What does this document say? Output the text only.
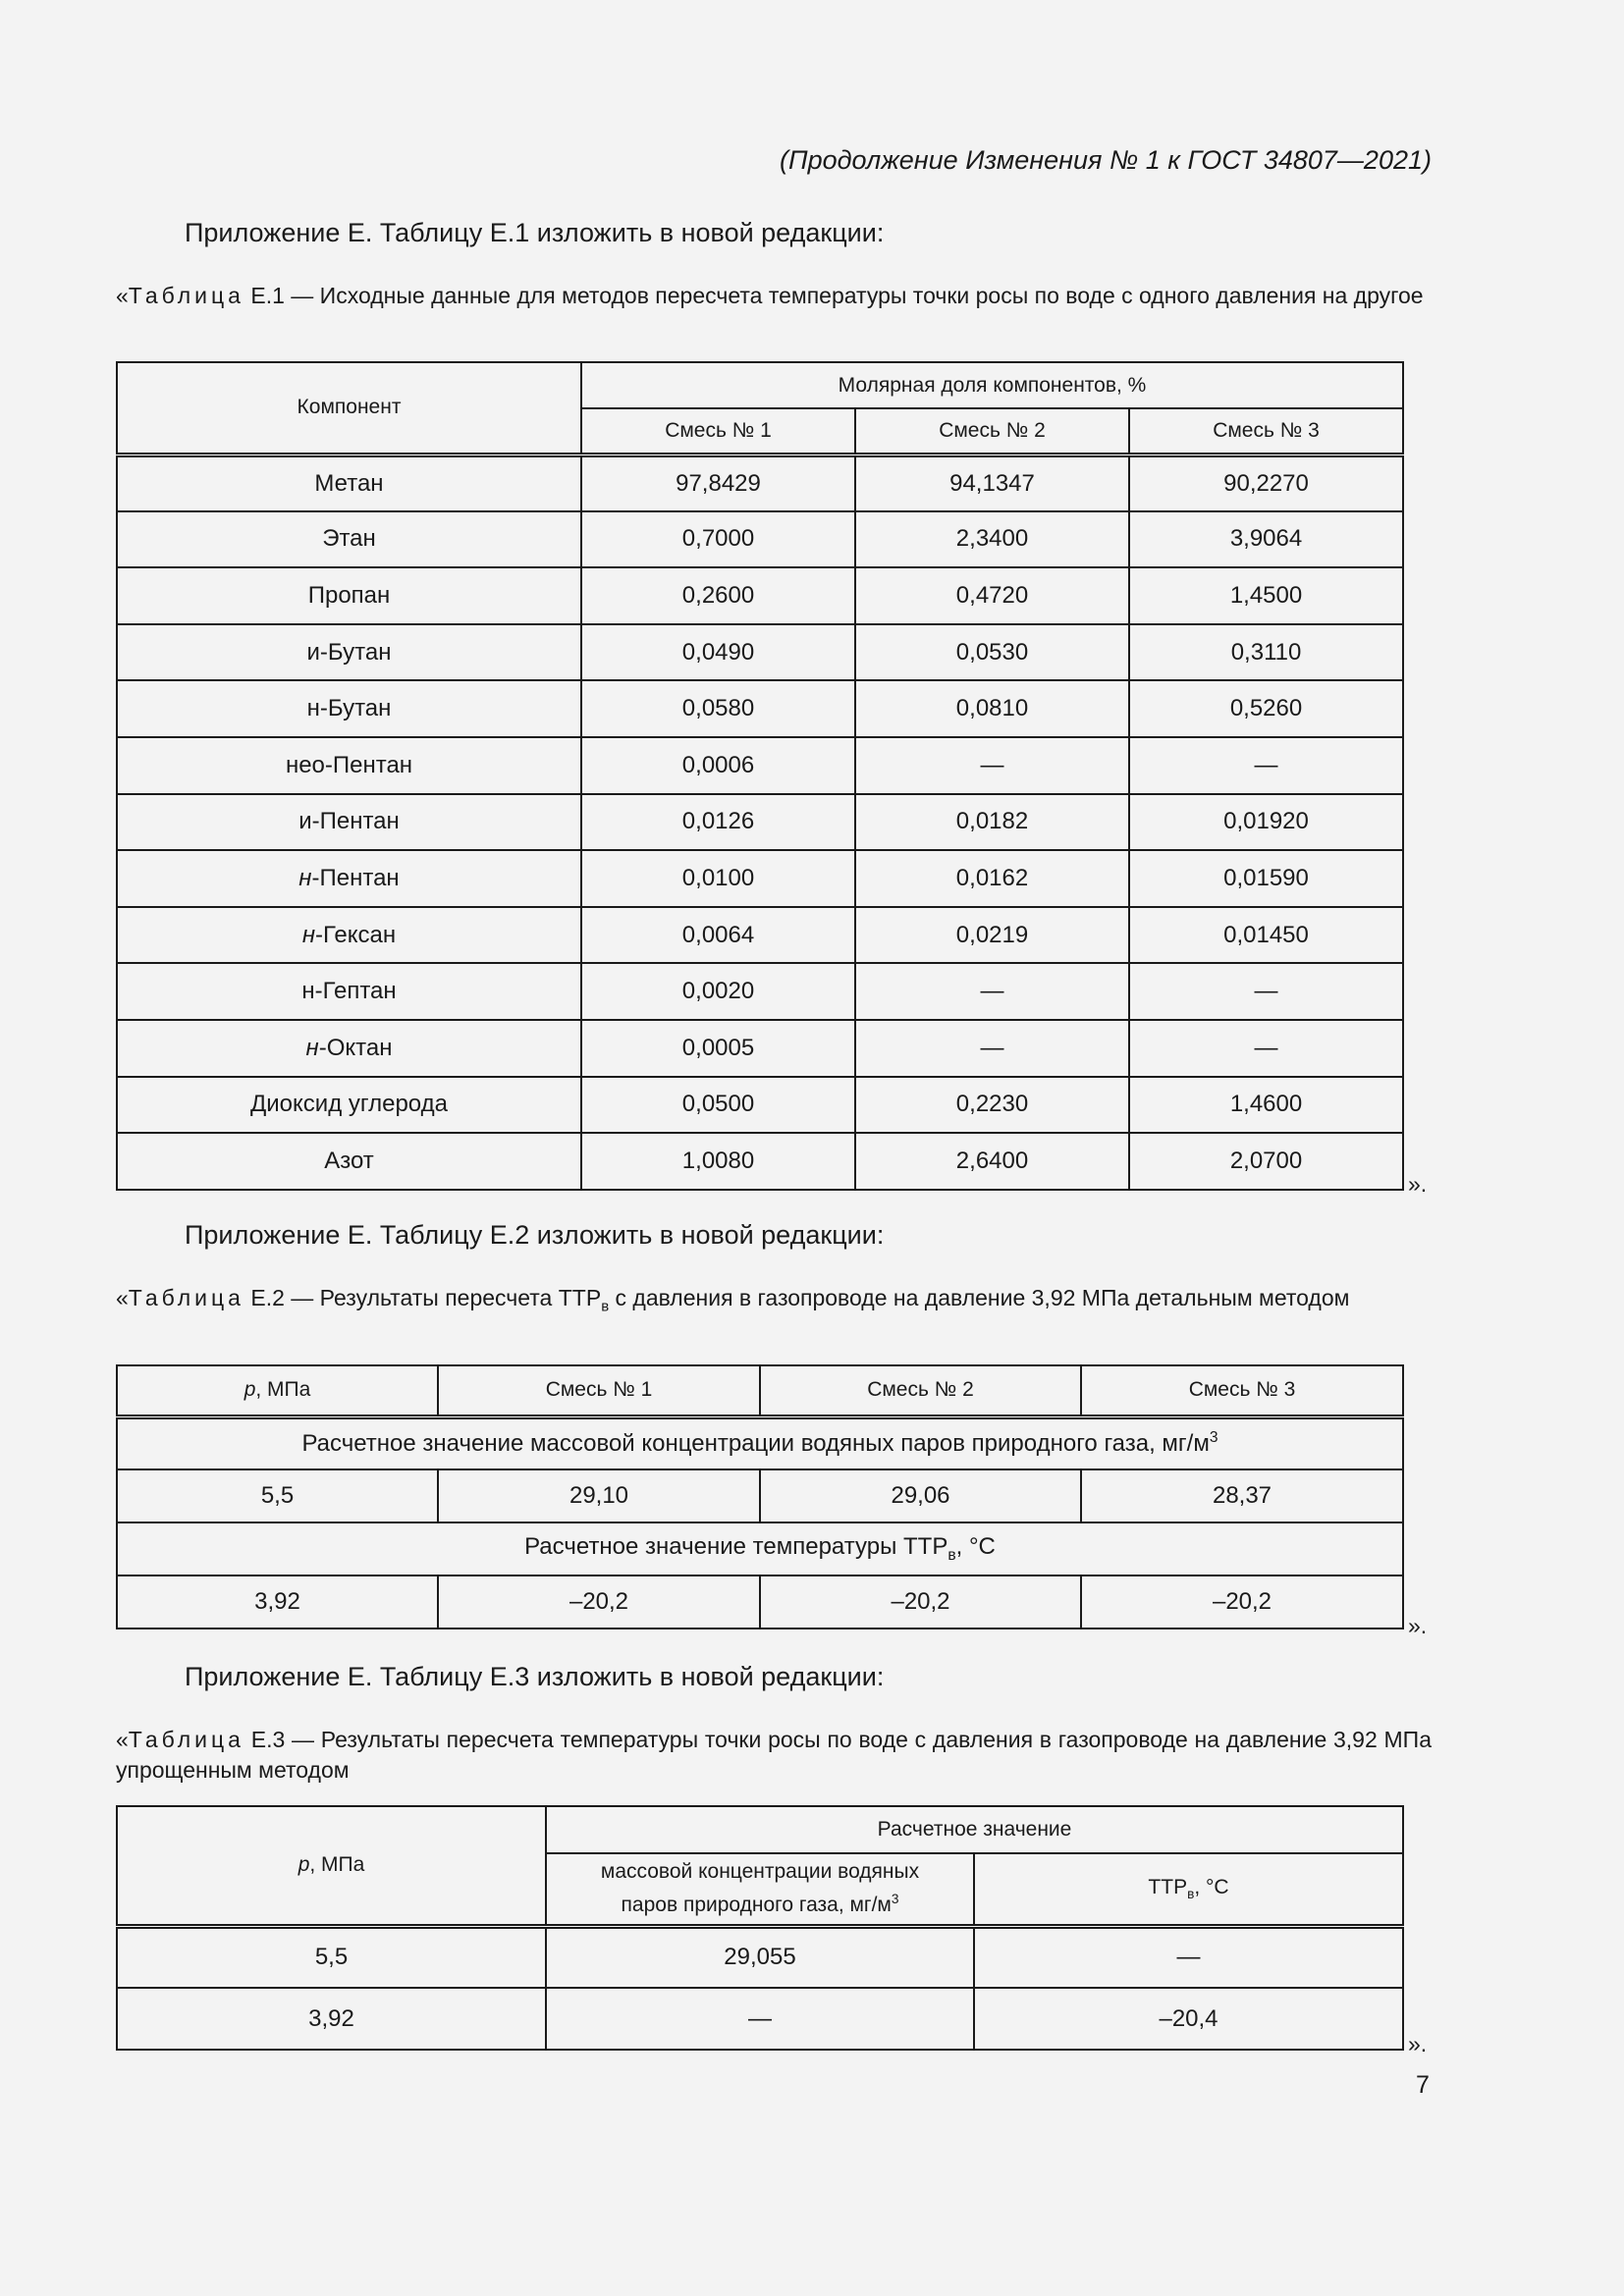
(Продолжение Изменения № 1 к ГОСТ 34807—2021)
Приложение Е. Таблицу Е.1 изложить в новой редакции:
«Таблица Е.1 — Исходные данные для методов пересчета температуры точки росы по воде с одного давления на другое
Компонент	Молярная доля компонентов, %		
	Смесь № 1	Смесь № 2	Смесь № 3
Метан	97,8429	94,1347	90,2270
Этан	0,7000	2,3400	3,9064
Пропан	0,2600	0,4720	1,4500
и-Бутан	0,0490	0,0530	0,3110
н-Бутан	0,0580	0,0810	0,5260
нео-Пентан	0,0006	—	—
и-Пентан	0,0126	0,0182	0,01920
н-Пентан	0,0100	0,0162	0,01590
н-Гексан	0,0064	0,0219	0,01450
н-Гептан	0,0020	—	—
н-Октан	0,0005	—	—
Диоксид углерода	0,0500	0,2230	1,4600
Азот	1,0080	2,6400	2,0700
».
Приложение Е. Таблицу Е.2 изложить в новой редакции:
«Таблица Е.2 — Результаты пересчета $ТТР_в$ с давления в газопроводе на давление 3,92 МПа детальным методом
p, МПа	Смесь № 1	Смесь № 2	Смесь № 3
Расчетное значение массовой концентрации водяных паров природного газа, $мг/м^3$
5,5	29,10	29,06	28,37
Расчетное значение температуры $ТТР_в$, °С			
3,92	–20,2	–20,2	–20,2
».
Приложение Е. Таблицу Е.3 изложить в новой редакции:
«Таблица Е.3 — Результаты пересчета температуры точки росы по воде с давления в газопроводе на давление 3,92 МПа упрощенным методом
p, МПа	Расчетное значение	
	массовой концентрации водяных
паров природного газа, $мг/м^3$	$ТТР_в$, °С
5,5	29,055	—
3,92	—	–20,4
».
7
